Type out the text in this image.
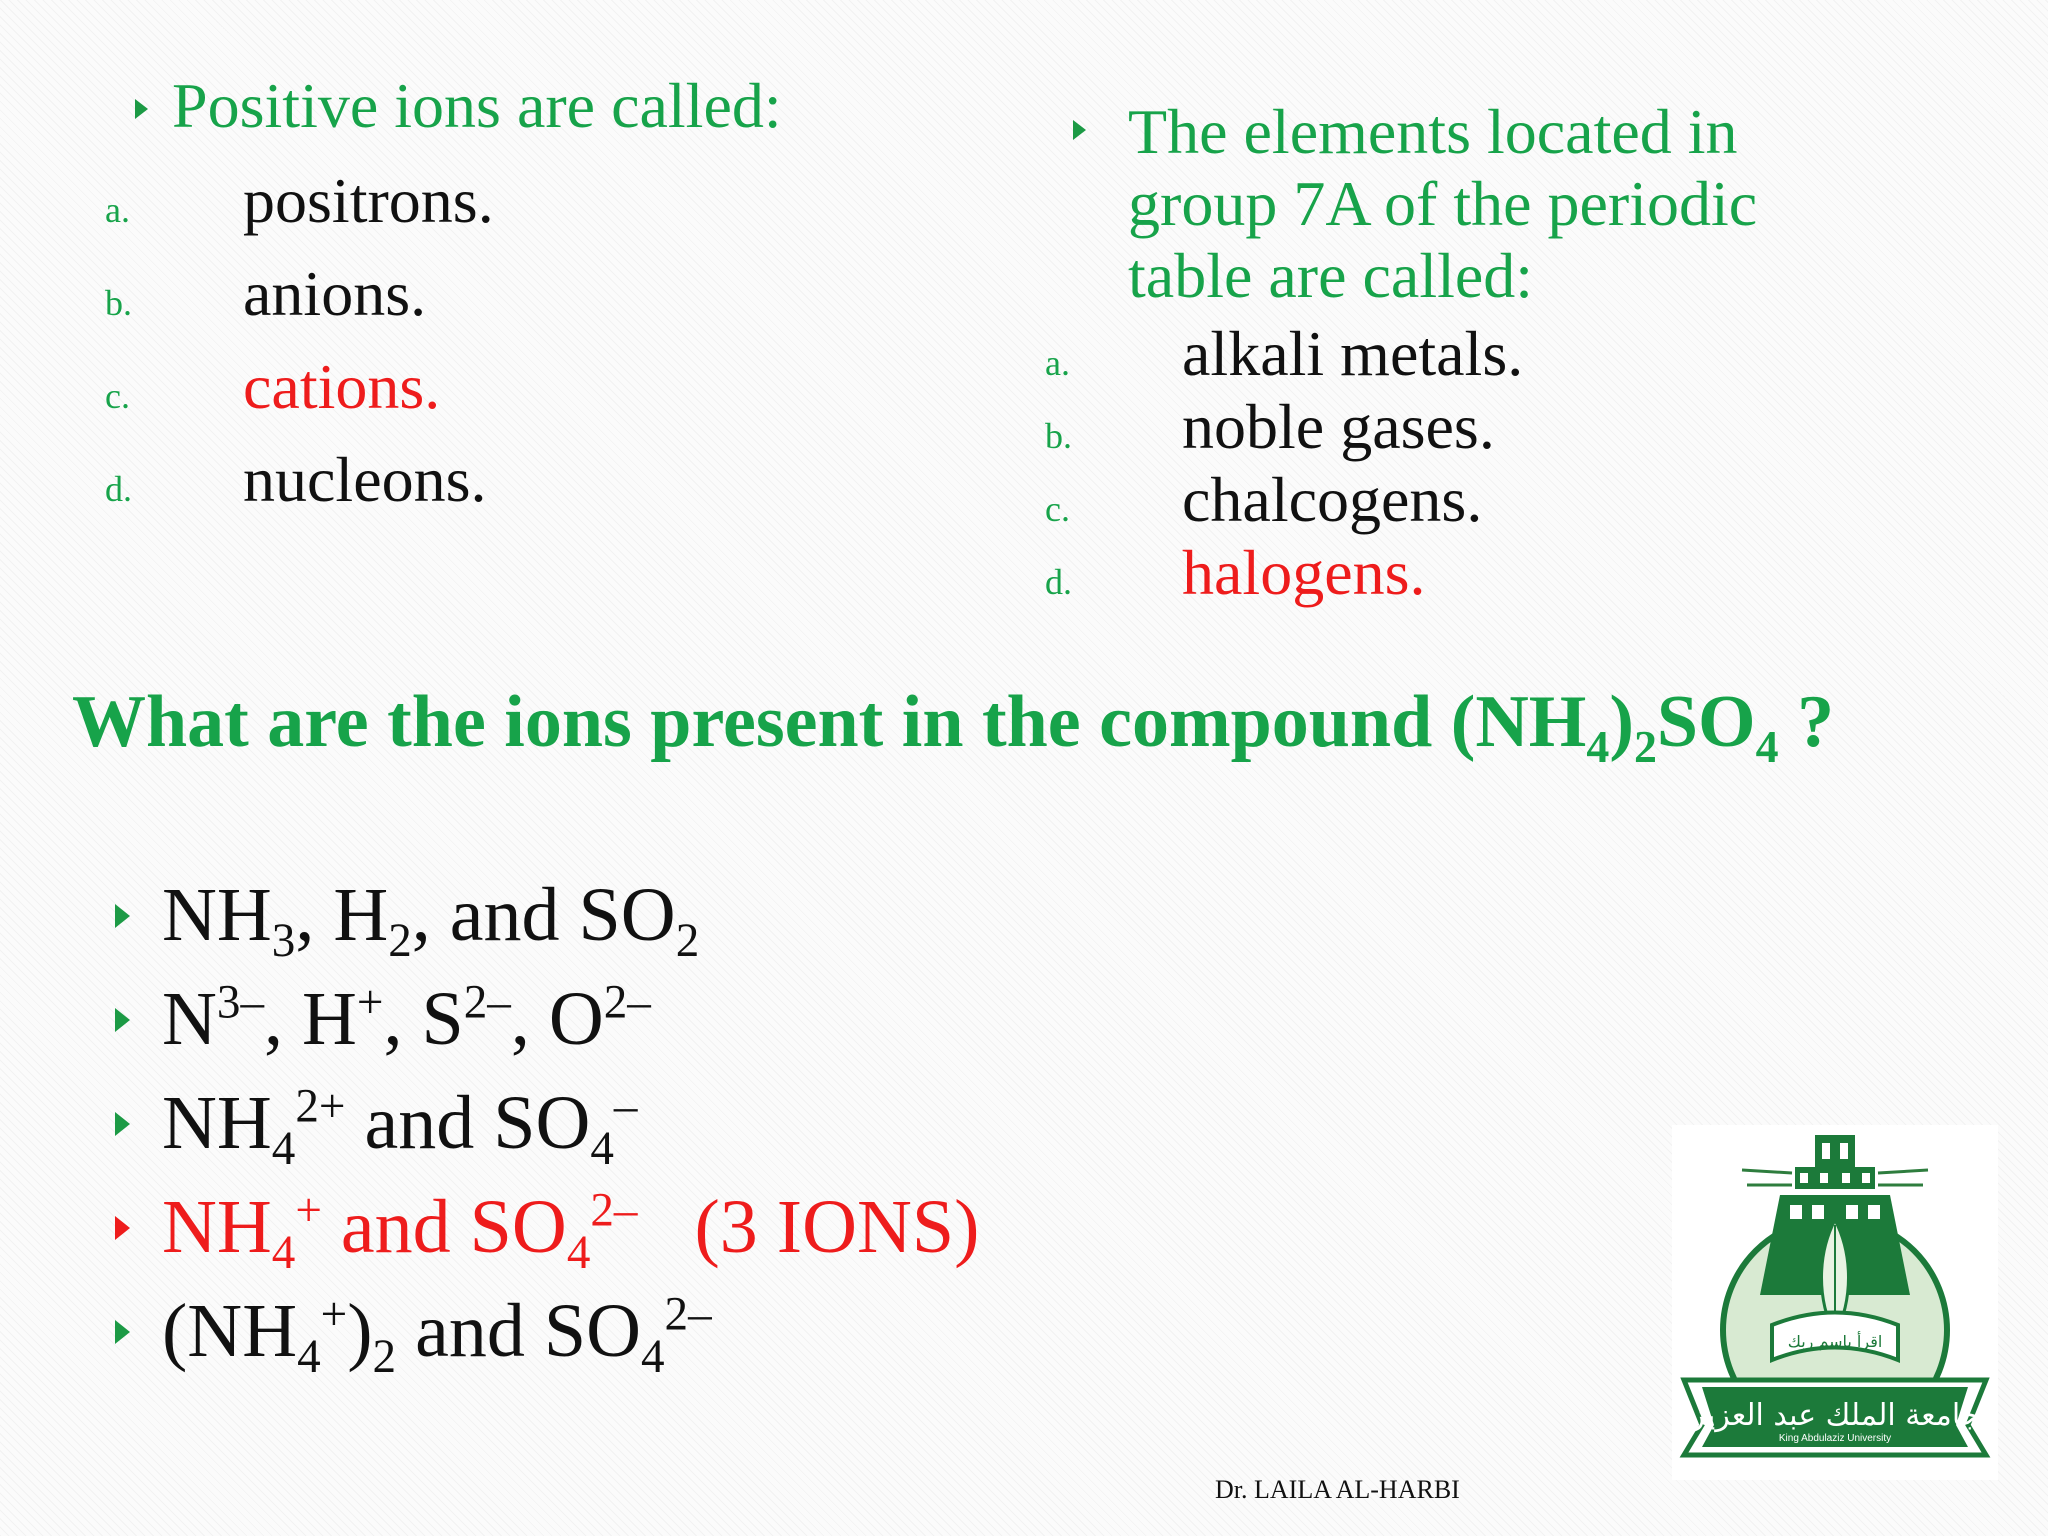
Positive ions are called:
a. positrons.
b. anions.
c. cations.
d. nucleons.
The elements located in
group 7A of the periodic
table are called:
a. alkali metals.
b. noble gases.
c. chalcogens.
d. halogens.
What are the ions present in the compound $(NH_4)_2SO_4$ ?
$NH_3$, $H_2$, and $SO_2$
$N^{3-}$, H+, $S^{2-}$, $O^{2-}$
$NH_4^{2+}$ and $SO_4^-$
$NH_4^+$ and $SO_4^{2-}$   (3 IONS)
$(NH_4^+)_2$ and $SO_4^{2-}$
جامعة الملك عبد العزيز
King Abdulaziz University
اقرأ باسم ربك
Dr. LAILA AL-HARBI
